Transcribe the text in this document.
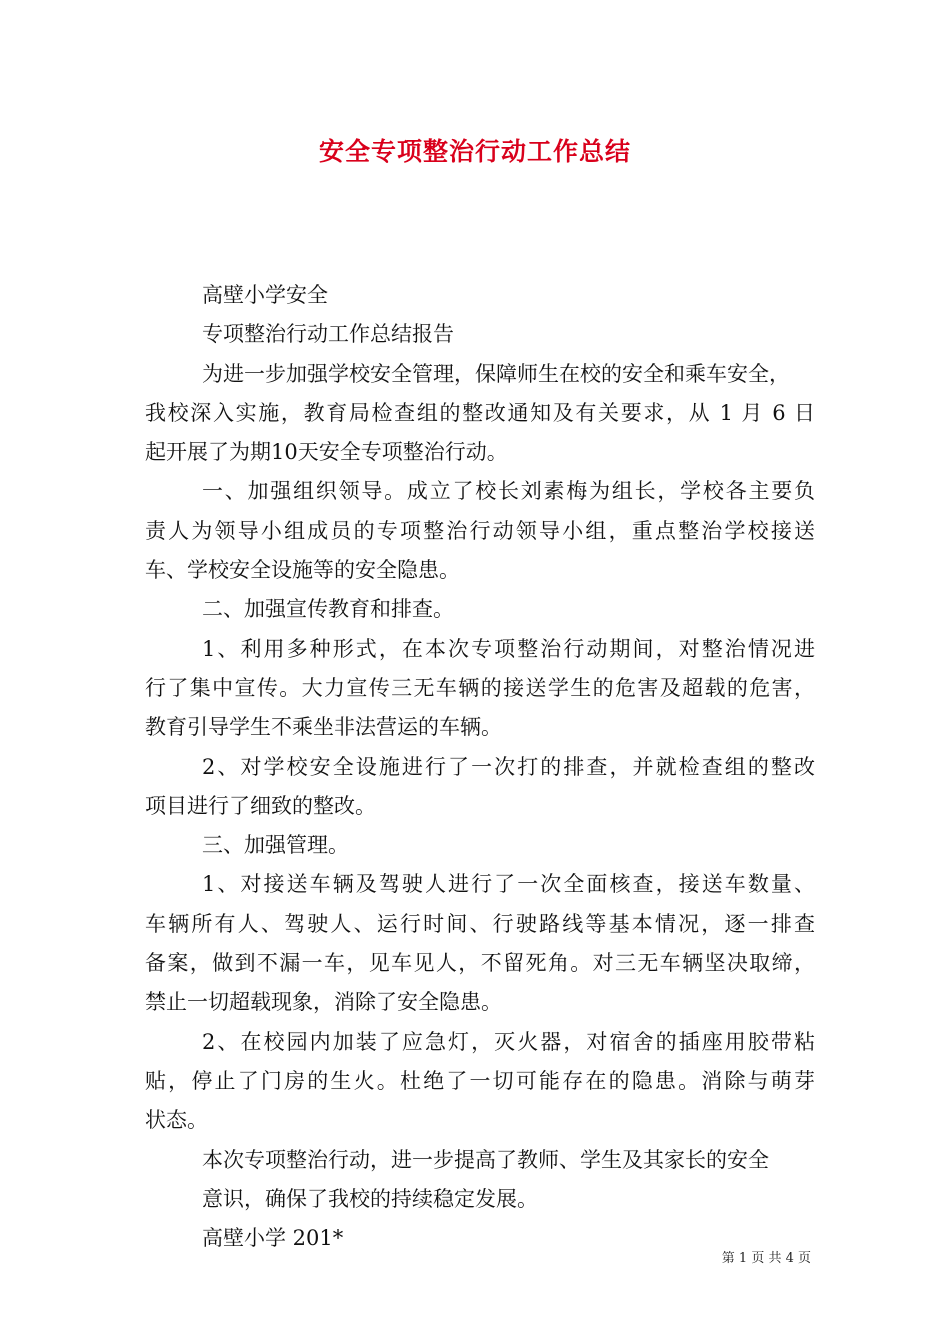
安全专项整治行动工作总结
高壁小学安全
专项整治行动工作总结报告
为进一步加强学校安全管理，保障师生在校的安全和乘车安全，
我校深入实施，教育局检查组的整改通知及有关要求，从 1 月 6 日
起开展了为期10天安全专项整治行动。
一、加强组织领导。成立了校长刘素梅为组长，学校各主要负
责人为领导小组成员的专项整治行动领导小组，重点整治学校接送
车、学校安全设施等的安全隐患。
二、加强宣传教育和排查。
1、利用多种形式，在本次专项整治行动期间，对整治情况进
行了集中宣传。大力宣传三无车辆的接送学生的危害及超载的危害，
教育引导学生不乘坐非法营运的车辆。
2、对学校安全设施进行了一次打的排查，并就检查组的整改
项目进行了细致的整改。
三、加强管理。
1、对接送车辆及驾驶人进行了一次全面核查，接送车数量、
车辆所有人、驾驶人、运行时间、行驶路线等基本情况，逐一排查
备案，做到不漏一车，见车见人，不留死角。对三无车辆坚决取缔，
禁止一切超载现象，消除了安全隐患。
2、在校园内加装了应急灯，灭火器，对宿舍的插座用胶带粘
贴，停止了门房的生火。杜绝了一切可能存在的隐患。消除与萌芽
状态。
本次专项整治行动，进一步提高了教师、学生及其家长的安全
意识，确保了我校的持续稳定发展。
高壁小学 201*
第 1 页 共 4 页
